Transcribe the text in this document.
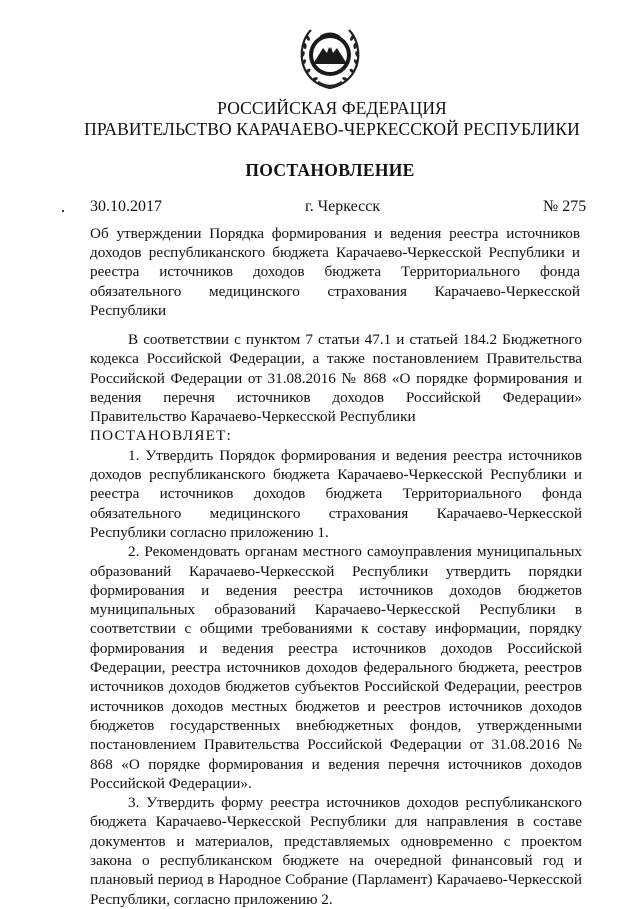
РОССИЙСКАЯ ФЕДЕРАЦИЯ
ПРАВИТЕЛЬСТВО КАРАЧАЕВО-ЧЕРКЕССКОЙ РЕСПУБЛИКИ
ПОСТАНОВЛЕНИЕ
30.10.2017	г. Черкесск	№ 275
Об утверждении Порядка формирования и ведения реестра источников доходов республиканского бюджета Карачаево-Черкесской Республики и реестра источников доходов бюджета Территориального фонда обязательного медицинского страхования Карачаево-Черкесской Республики

В соответствии с пунктом 7 статьи 47.1 и статьей 184.2 Бюджетного кодекса Российской Федерации, а также постановлением Правительства Российской Федерации от 31.08.2016 № 868 «О порядке формирования и ведения перечня источников доходов Российской Федерации» Правительство Карачаево-Черкесской Республики

ПОСТАНОВЛЯЕТ:

1. Утвердить Порядок формирования и ведения реестра источников доходов республиканского бюджета Карачаево-Черкесской Республики и реестра источников доходов бюджета Территориального фонда обязательного медицинского страхования Карачаево-Черкесской Республики согласно приложению 1.

2. Рекомендовать органам местного самоуправления муниципальных образований Карачаево-Черкесской Республики утвердить порядки формирования и ведения реестра источников доходов бюджетов муниципальных образований Карачаево-Черкесской Республики в соответствии с общими требованиями к составу информации, порядку формирования и ведения реестра источников доходов Российской Федерации, реестра источников доходов федерального бюджета, реестров источников доходов бюджетов субъектов Российской Федерации, реестров источников доходов местных бюджетов и реестров источников доходов бюджетов государственных внебюджетных фондов, утвержденными постановлением Правительства Российской Федерации от 31.08.2016 № 868 «О порядке формирования и ведения перечня источников доходов Российской Федерации».

3. Утвердить форму реестра источников доходов республиканского бюджета Карачаево-Черкесской Республики для направления в составе документов и материалов, представляемых одновременно с проектом закона о республиканском бюджете на очередной финансовый год и плановый период в Народное Собрание (Парламент) Карачаево-Черкесской Республики, согласно приложению 2.
